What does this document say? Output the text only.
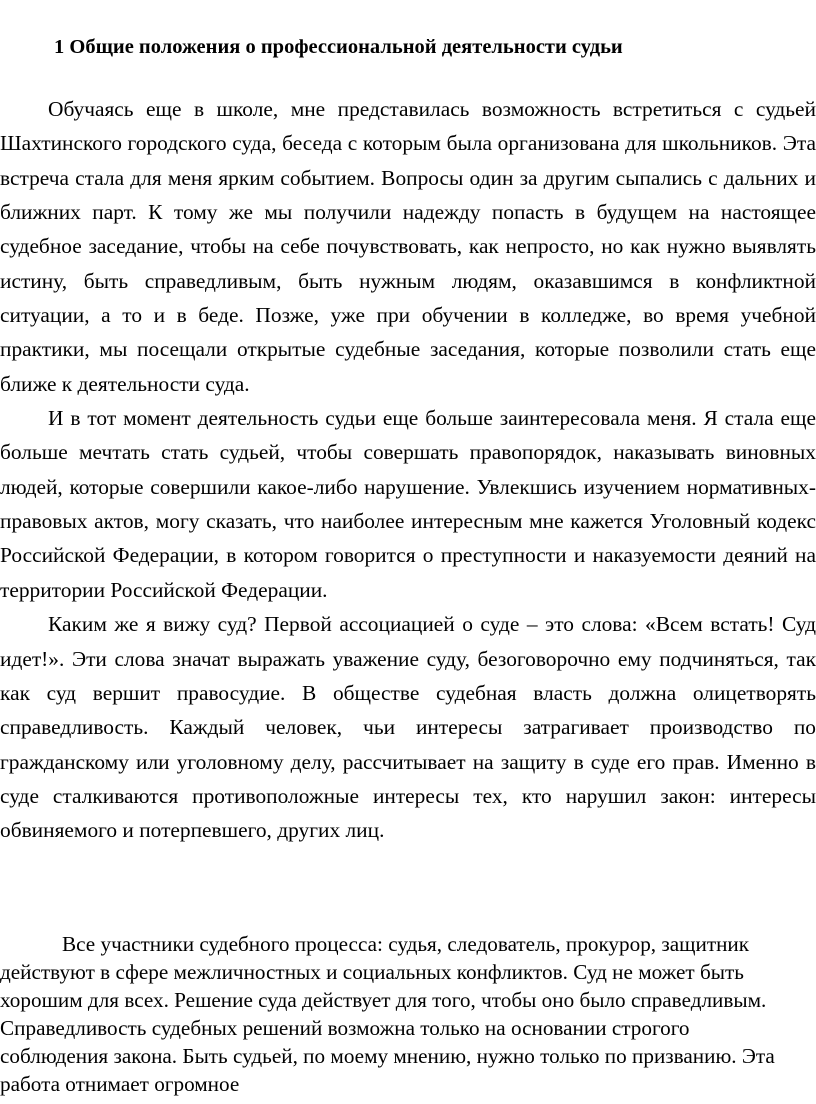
1 Общие положения о профессиональной деятельности судьи

Обучаясь еще в школе, мне представилась возможность встретиться с судьей Шахтинского городского суда, беседа с которым была организована для школьников. Эта встреча стала для меня ярким событием. Вопросы один за другим сыпались с дальних и ближних парт. К тому же мы получили надежду попасть в будущем на настоящее судебное заседание, чтобы на себе почувствовать, как непросто, но как нужно выявлять истину, быть справедливым, быть нужным людям, оказавшимся в конфликтной ситуации, а то и в беде. Позже, уже при обучении в колледже, во время учебной практики, мы посещали открытые судебные заседания, которые позволили стать еще ближе к деятельности суда.

И в тот момент деятельность судьи еще больше заинтересовала меня. Я стала еще больше мечтать стать судьей, чтобы совершать правопорядок, наказывать виновных людей, которые совершили какое-либо нарушение. Увлекшись изучением нормативных-правовых актов, могу сказать, что наиболее интересным мне кажется Уголовный кодекс Российской Федерации, в котором говорится о преступности и наказуемости деяний на территории Российской Федерации.

Каким же я вижу суд? Первой ассоциацией о суде – это слова: «Всем встать! Суд идет!». Эти слова значат выражать уважение суду, безоговорочно ему подчиняться, так как суд вершит правосудие. В обществе судебная власть должна олицетворять справедливость. Каждый человек, чьи интересы затрагивает производство по гражданскому или уголовному делу, рассчитывает на защиту в суде его прав. Именно в суде сталкиваются противоположные интересы тех, кто нарушил закон: интересы обвиняемого и потерпевшего, других лиц.

Все участники судебного процесса: судья, следователь, прокурор, защитник действуют в сфере межличностных и социальных конфликтов. Суд не может быть хорошим для всех. Решение суда действует для того, чтобы оно было справедливым. Справедливость судебных решений возможна только на основании строгого соблюдения закона. Быть судьей, по моему мнению, нужно только по призванию. Эта работа отнимает огромное
